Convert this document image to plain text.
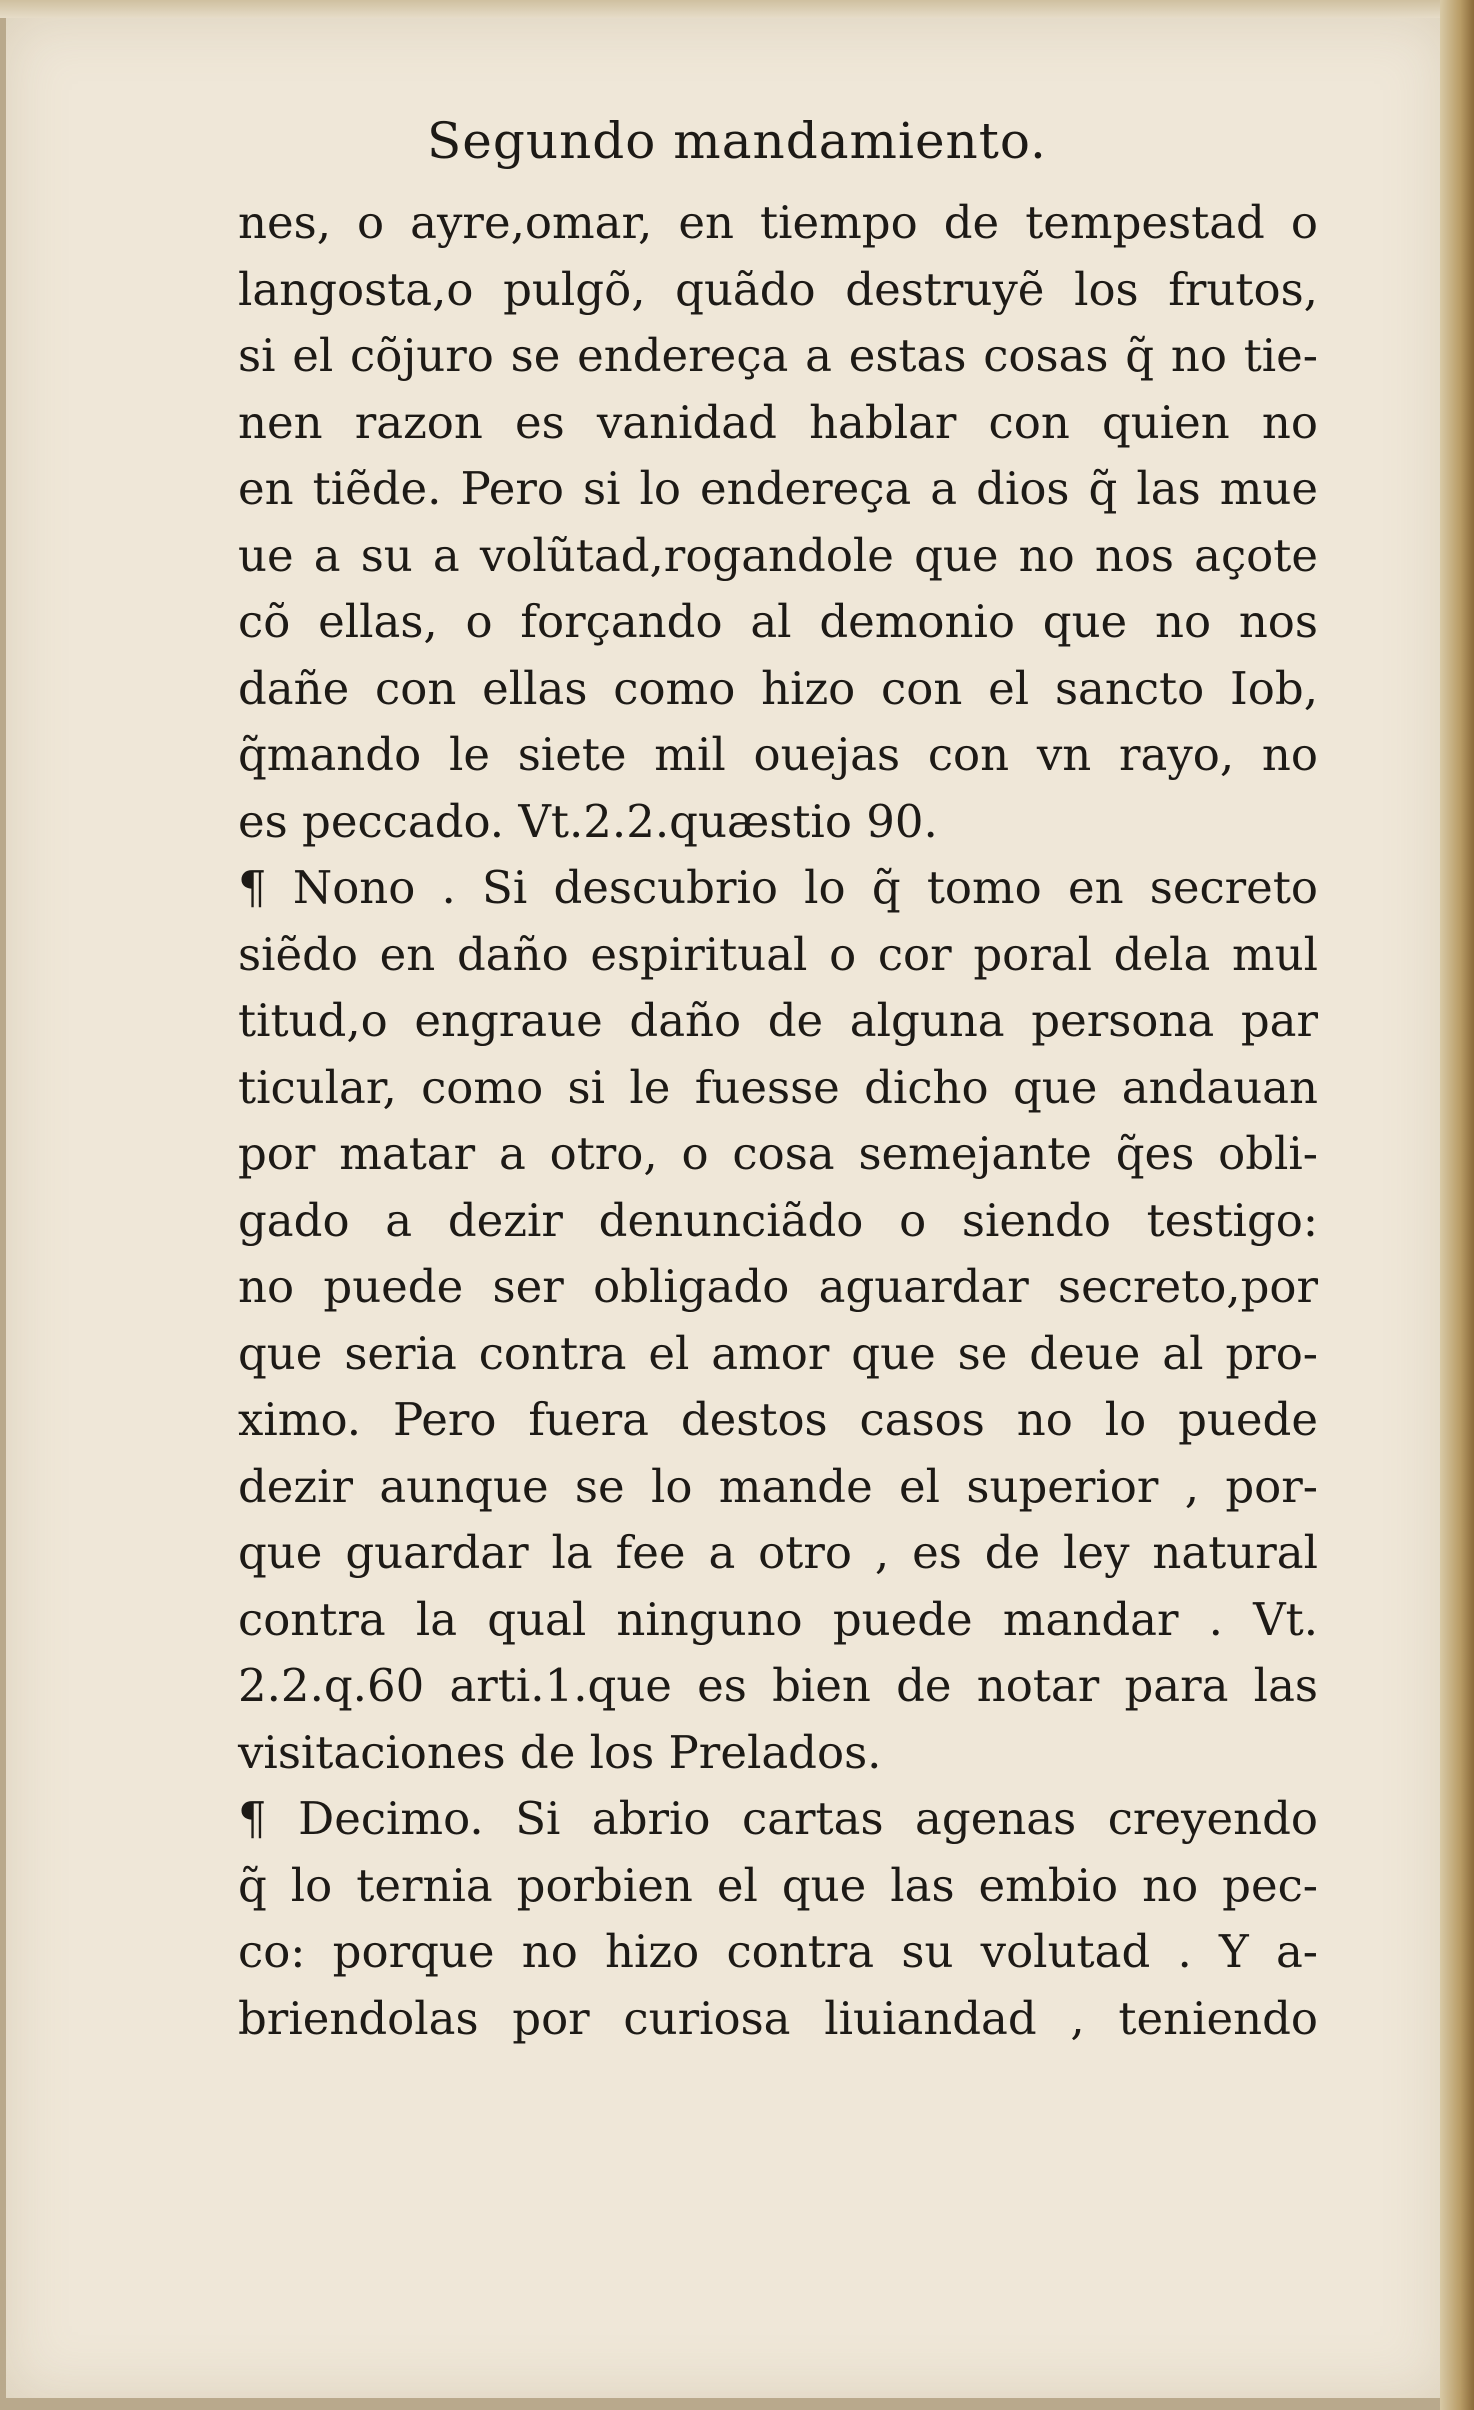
Segundo mandamiento.
nes, o ayre,omar, en tiempo de tempestad o
langosta,o pulgõ, quãdo destruyẽ los frutos,
si el cõjuro se endereça a estas cosas q̃ no tie-
nen razon es vanidad hablar con quien no
en tiẽde. Pero si lo endereça a dios q̃ las mue
ue a su a volũtad,rogandole que no nos açote
cõ ellas, o forçando al demonio que no nos
dañe con ellas como hizo con el sancto Iob,
q̃mando le siete mil ouejas con vn rayo, no
es peccado. Vt.2.2.quæstio 90.
¶ Nono . Si descubrio lo q̃ tomo en secreto
siẽdo en daño espiritual o cor poral dela mul
titud,o engraue daño de alguna persona par
ticular, como si le fuesse dicho que andauan
por matar a otro, o cosa semejante q̃es obli-
gado a dezir denunciãdo o siendo testigo:
no puede ser obligado aguardar secreto,por
que seria contra el amor que se deue al pro-
ximo. Pero fuera destos casos no lo puede
dezir aunque se lo mande el superior , por-
que guardar la fee a otro , es de ley natural
contra la qual ninguno puede mandar . Vt.
2.2.q.60 arti.1.que es bien de notar para las
visitaciones de los Prelados.
¶ Decimo. Si abrio cartas agenas creyendo
q̃ lo ternia porbien el que las embio no pec-
co: porque no hizo contra su volutad . Y a-
briendolas por curiosa liuiandad , teniendo
